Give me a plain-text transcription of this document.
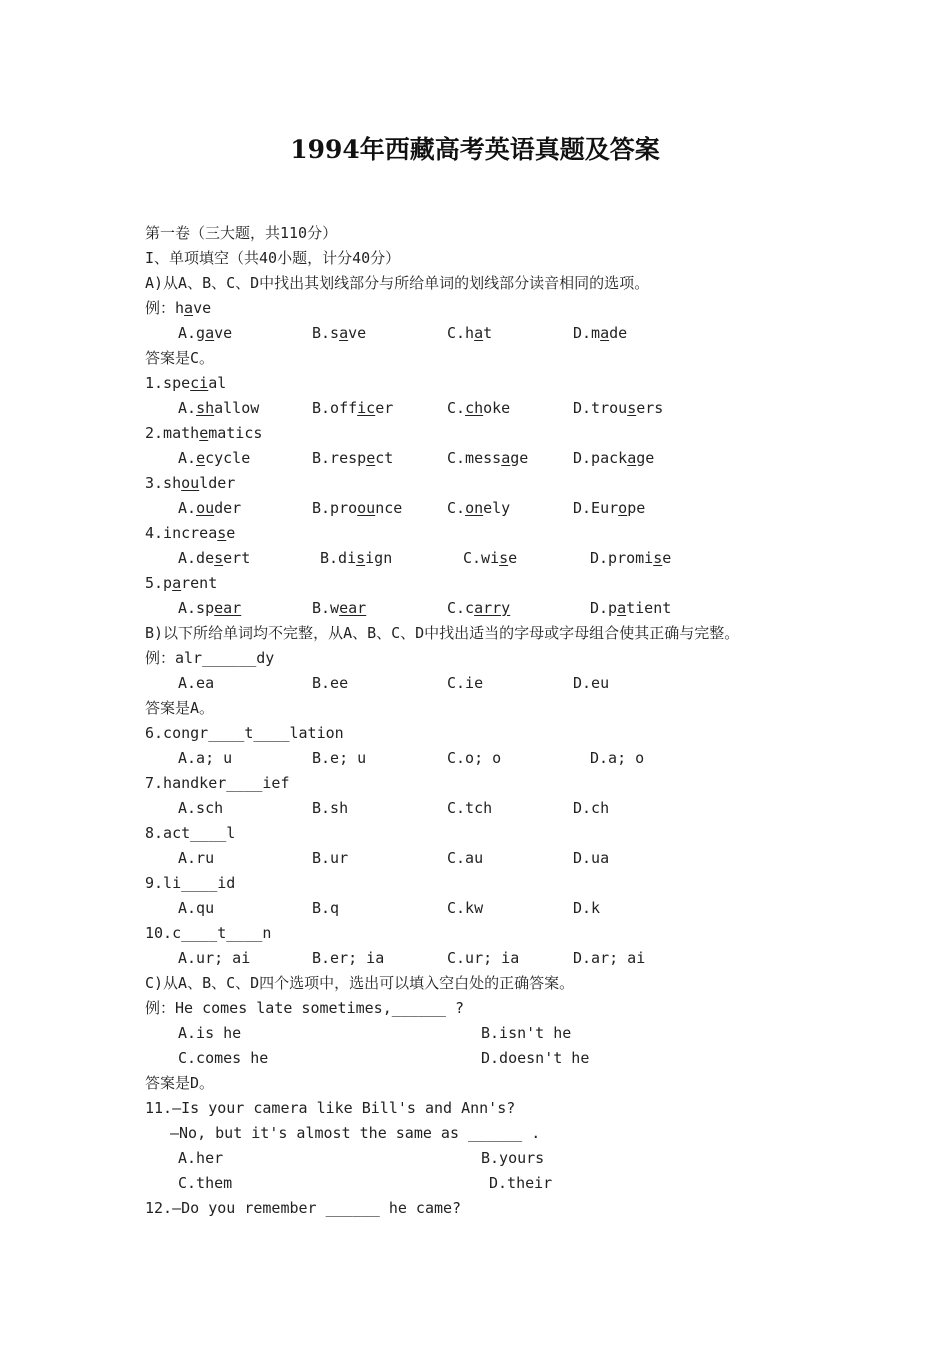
1994年西藏高考英语真题及答案
第一卷（三大题，共110分）
I、单项填空（共40小题，计分40分）
A)从A、B、C、D中找出其划线部分与所给单词的划线部分读音相同的选项。
例：have
A.gave	B.save	C.hat	D.made
答案是C。
1.special
A.shallow	B.officer	C.choke	D.trousers
2.mathematics
A.ecycle	B.respect	C.message	D.package
3.shoulder
A.ouder	B.proounce	C.onely	D.Europe
4.increase
A.desert	B.disign	C.wise	D.promise
5.parent
A.spear	B.wear	C.carry	D.patient
B)以下所给单词均不完整，从A、B、C、D中找出适当的字母或字母组合使其正确与完整。
例：alr______dy
A.ea	B.ee	C.ie	D.eu
答案是A。
6.congr____t____lation
A.a; u	B.e; u	C.o; o	D.a; o
7.handker____ief
A.sch	B.sh	C.tch	D.ch
8.act____l
A.ru	B.ur	C.au	D.ua
9.li____id
A.qu	B.q	C.kw	D.k
10.c____t____n
A.ur; ai	B.er; ia	C.ur; ia	D.ar; ai
C)从A、B、C、D四个选项中，选出可以填入空白处的正确答案。
例：He comes late sometimes,______ ?
A.is he	B.isn't he
C.comes he	D.doesn't he
答案是D。
11.—Is your camera like Bill's and Ann's?
—No, but it's almost the same as ______ .
A.her	B.yours
C.them	D.their
12.—Do you remember ______ he came?
